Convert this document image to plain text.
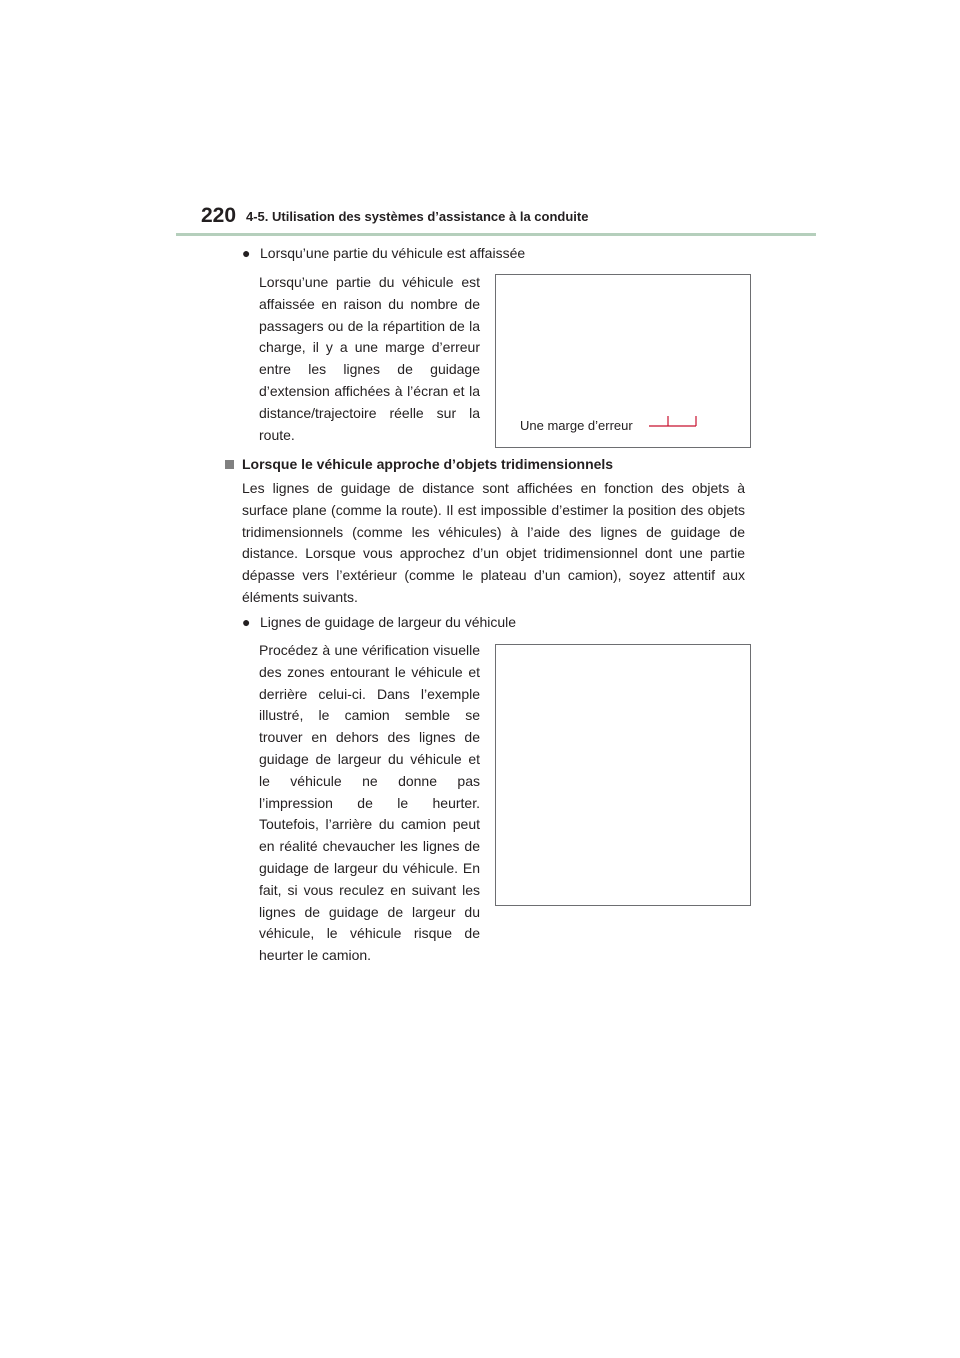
220 4-5. Utilisation des systèmes d’assistance à la conduite
● Lorsqu’une partie du véhicule est affaissée
Lorsqu’une partie du véhicule est affaissée en raison du nombre de passagers ou de la répartition de la charge, il y a une marge d’erreur entre les lignes de guidage d’extension affichées à l’écran et la distance/trajectoire réelle sur la route.
Une marge d’erreur
Lorsque le véhicule approche d’objets tridimensionnels
Les lignes de guidage de distance sont affichées en fonction des objets à surface plane (comme la route). Il est impossible d’estimer la position des objets tridimensionnels (comme les véhicules) à l’aide des lignes de guidage de distance. Lorsque vous approchez d’un objet tridimensionnel dont une partie dépasse vers l’extérieur (comme le plateau d’un camion), soyez attentif aux éléments suivants.
● Lignes de guidage de largeur du véhicule
Procédez à une vérification visuelle des zones entourant le véhicule et derrière celui-ci. Dans l’exemple illustré, le camion semble se trouver en dehors des lignes de guidage de largeur du véhicule et le véhicule ne donne pas l’impression de le heurter. Toutefois, l’arrière du camion peut en réalité chevaucher les lignes de guidage de largeur du véhicule. En fait, si vous reculez en suivant les lignes de guidage de largeur du véhicule, le véhicule risque de heurter le camion.
